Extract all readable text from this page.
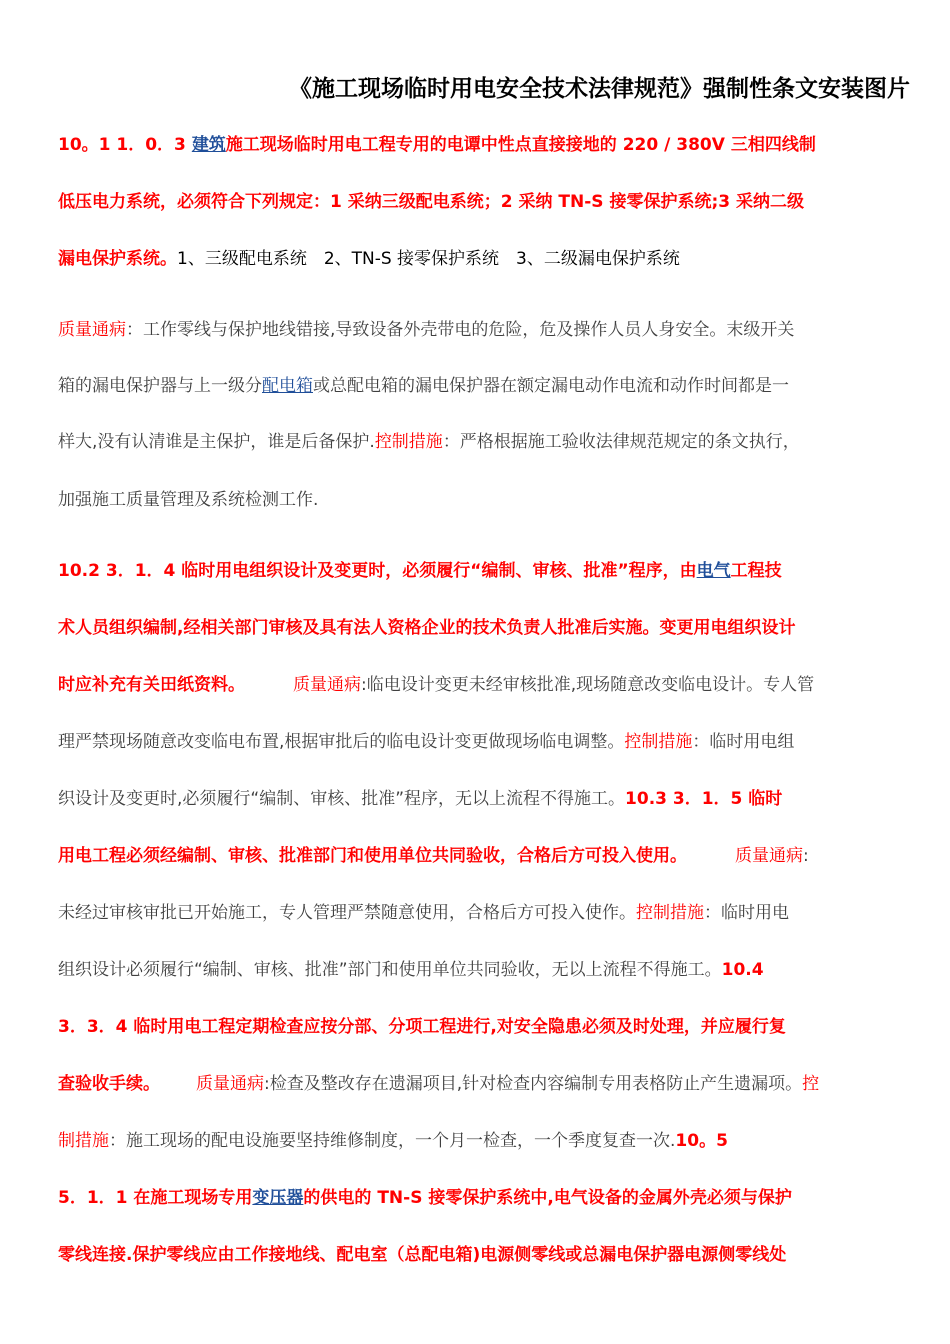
《施工现场临时用电安全技术法律规范》强制性条文安装图片
10。1 1．0．3 建筑施工现场临时用电工程专用的电谭中性点直接接地的 220 / 380V 三相四线制
低压电力系统，必须符合下列规定：1 采纳三级配电系统；2 采纳 TN-S 接零保护系统;3 采纳二级
漏电保护系统。1、三级配电系统　2、TN-S 接零保护系统　3、二级漏电保护系统
质量通病：工作零线与保护地线错接,导致设备外壳带电的危险，危及操作人员人身安全。末级开关
箱的漏电保护器与上一级分配电箱或总配电箱的漏电保护器在额定漏电动作电流和动作时间都是一
样大,没有认清谁是主保护，谁是后备保护.控制措施：严格根据施工验收法律规范规定的条文执行，
加强施工质量管理及系统检测工作.
10.2 3．1．4 临时用电组织设计及变更时，必须履行“编制、审核、批准”程序，由电气工程技
术人员组织编制,经相关部门审核及具有法人资格企业的技术负责人批准后实施。变更用电组织设计
时应补充有关田纸资料。	质量通病:临电设计变更未经审核批准,现场随意改变临电设计。专人管
理严禁现场随意改变临电布置,根据审批后的临电设计变更做现场临电调整。控制措施：临时用电组
织设计及变更时,必须履行“编制、审核、批准”程序，无以上流程不得施工。10.3 3．1．5 临时
用电工程必须经编制、审核、批准部门和使用单位共同验收，合格后方可投入使用。	质量通病:
未经过审核审批已开始施工，专人管理严禁随意使用，合格后方可投入使作。控制措施：临时用电
组织设计必须履行“编制、审核、批准”部门和使用单位共同验收，无以上流程不得施工。10.4
3．3．4 临时用电工程定期检查应按分部、分项工程进行,对安全隐患必须及时处理，并应履行复
查验收手续。 质量通病:检查及整改存在遗漏项目,针对检查内容编制专用表格防止产生遗漏项。控
制措施：施工现场的配电设施要坚持维修制度，一个月一检查，一个季度复查一次.10。5
5．1．1 在施工现场专用变压器的供电的 TN-S 接零保护系统中,电气设备的金属外壳必须与保护
零线连接.保护零线应由工作接地线、配电室（总配电箱)电源侧零线或总漏电保护器电源侧零线处
